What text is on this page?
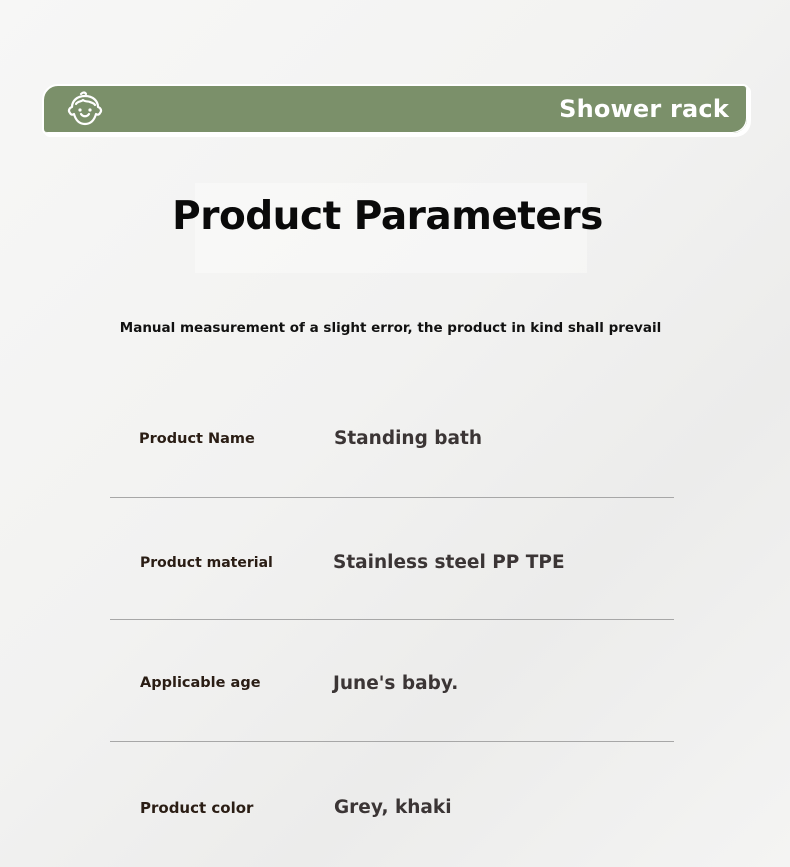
Shower rack
Product Parameters
Manual measurement of a slight error, the product in kind shall prevail
Product Name	Standing bath
Product material	Stainless steel PP TPE
Applicable age	June's baby.
Product color	Grey, khaki
